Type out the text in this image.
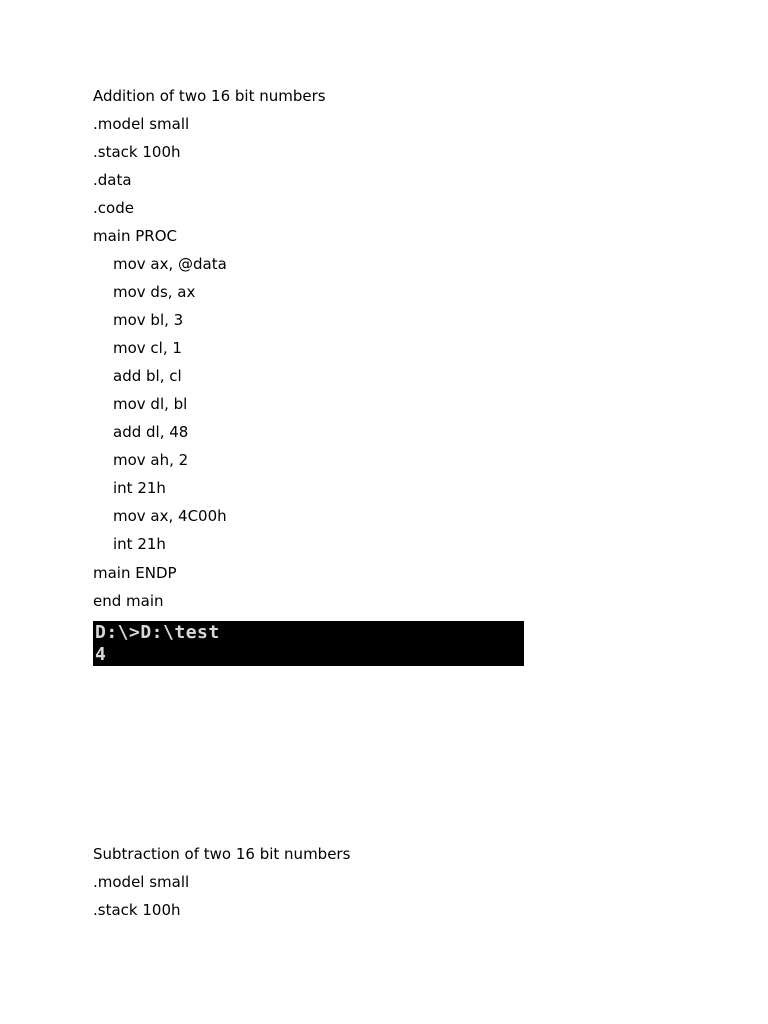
Addition of two 16 bit numbers
.model small
.stack 100h
.data
.code
main PROC
mov ax, @data
mov ds, ax
mov bl, 3
mov cl, 1
add bl, cl
mov dl, bl
add dl, 48
mov ah, 2
int 21h
mov ax, 4C00h
int 21h
main ENDP
end main
D:\>D:\test
4
Subtraction of two 16 bit numbers
.model small
.stack 100h
